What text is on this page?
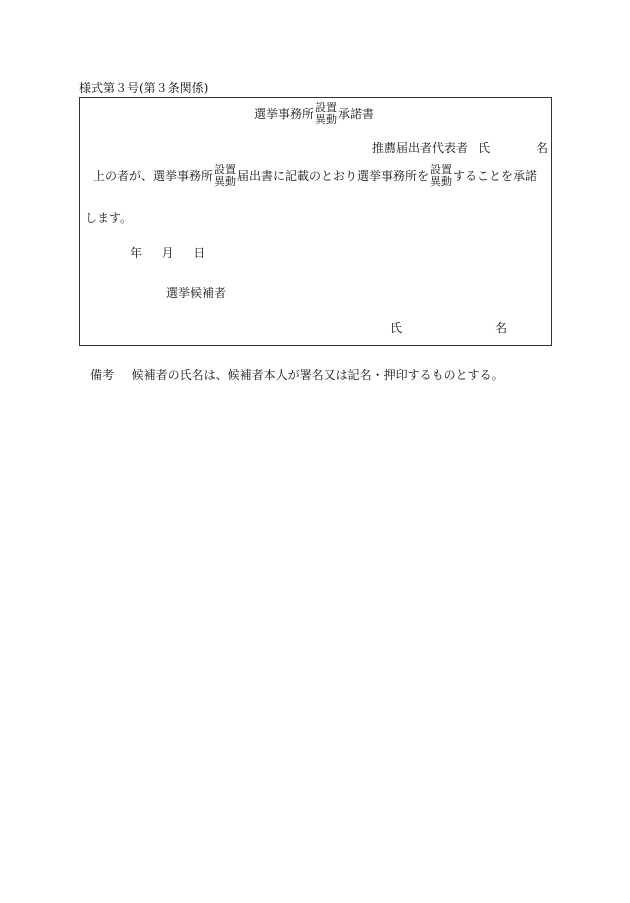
様式第３号(第３条関係)
選挙事務所 設置
異動 承諾書
推薦届出者代表者 氏	名
上の者が、選挙事務所 設置
異動 届出書に記載のとおり選挙事務所を 設置
異動 することを承諾
します。
年 月 日
選挙候補者
氏	名
備考 候補者の氏名は、候補者本人が署名又は記名・押印するものとする。
